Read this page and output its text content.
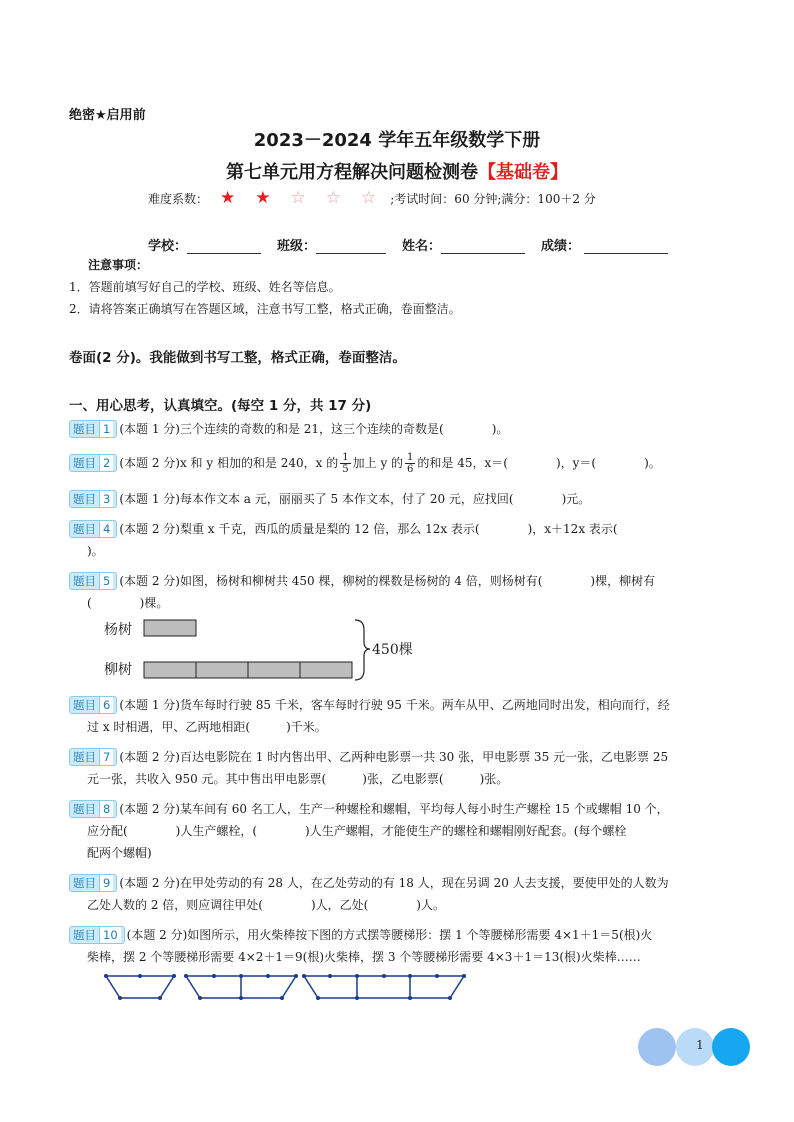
绝密★启用前
2023－2024 学年五年级数学下册
第七单元用方程解决问题检测卷【基础卷】
难度系数： ★ ★ ☆ ☆ ☆ ;考试时间：60 分钟;满分：100＋2 分
学校：	班级：	姓名：	成绩：
注意事项：
1．答题前填写好自己的学校、班级、姓名等信息。
2．请将答案正确填写在答题区域，注意书写工整，格式正确，卷面整洁。
卷面(2 分)。我能做到书写工整，格式正确，卷面整洁。
一、用心思考，认真填空。(每空 1 分，共 17 分)
题目 1 (本题 1 分)三个连续的奇数的和是 21，这三个连续的奇数是(　　　　)。
题目 2 (本题 2 分)x 和 y 相加的和是 240，x 的 $\frac{1}{5}$ 加上 y 的 $\frac{1}{6}$ 的和是 45，x＝(　　　　)，y＝(　　　　)。
题目 3 (本题 1 分)每本作文本 a 元，丽丽买了 5 本作文本，付了 20 元，应找回(　　　　)元。
题目 4 (本题 2 分)梨重 x 千克，西瓜的质量是梨的 12 倍，那么 12x 表示(　　　　)，x＋12x 表示(
)。
题目 5 (本题 2 分)如图，杨树和柳树共 450 棵，柳树的棵数是杨树的 4 倍，则杨树有(　　　　)棵，柳树有
(　　　　)棵。
杨树
柳树
450棵
题目 6 (本题 1 分)货车每时行驶 85 千米，客车每时行驶 95 千米。两车从甲、乙两地同时出发，相向而行，经
过 x 时相遇，甲、乙两地相距(　　　)千米。
题目 7 (本题 2 分)百达电影院在 1 时内售出甲、乙两种电影票一共 30 张，甲电影票 35 元一张，乙电影票 25
元一张，共收入 950 元。其中售出甲电影票(　　　)张，乙电影票(　　　)张。
题目 8 (本题 2 分)某车间有 60 名工人，生产一种螺栓和螺帽，平均每人每小时生产螺栓 15 个或螺帽 10 个，
应分配(　　　　)人生产螺栓，(　　　　)人生产螺帽，才能使生产的螺栓和螺帽刚好配套。(每个螺栓
配两个螺帽)
题目 9 (本题 2 分)在甲处劳动的有 28 人，在乙处劳动的有 18 人，现在另调 20 人去支援，要使甲处的人数为
乙处人数的 2 倍，则应调往甲处(　　　　)人，乙处(　　　　)人。
题目 10 (本题 2 分)如图所示，用火柴棒按下图的方式摆等腰梯形：摆 1 个等腰梯形需要 4×1＋1＝5(根)火
柴棒，摆 2 个等腰梯形需要 4×2＋1＝9(根)火柴棒，摆 3 个等腰梯形需要 4×3＋1＝13(根)火柴棒……
1
